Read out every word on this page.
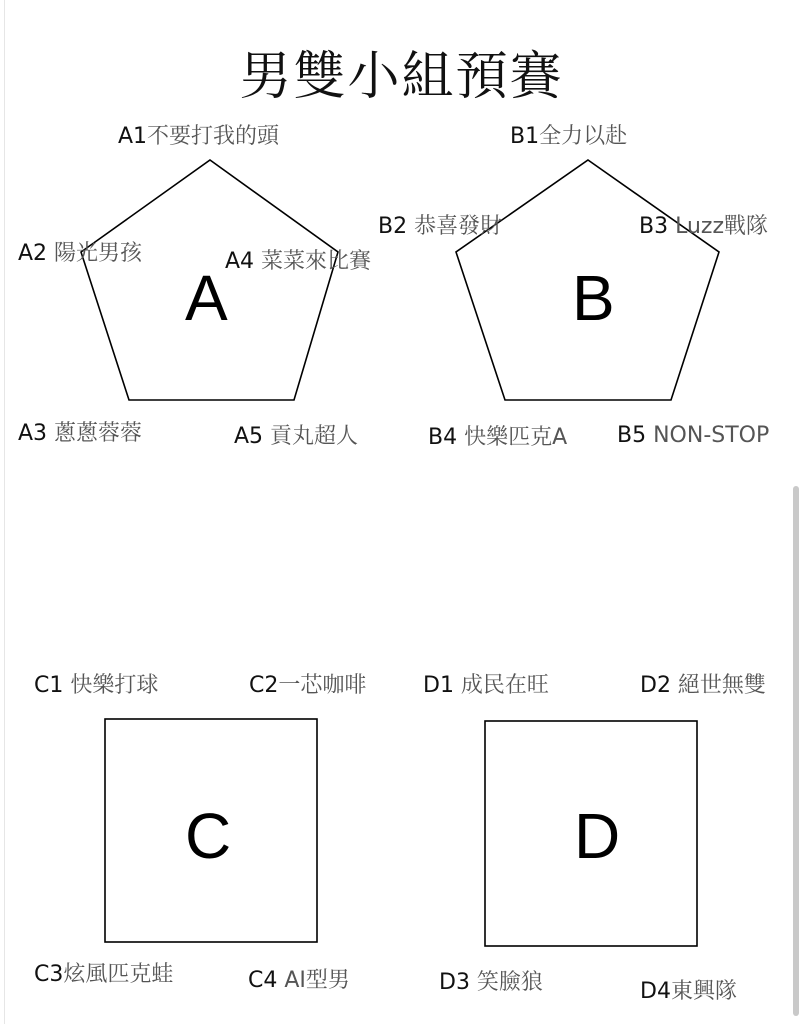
男雙小組預賽
A	B
C	D
A1不要打我的頭
A2 陽光男孩	A4 菜菜來比賽
A3 蔥蔥蓉蓉	A5 貢丸超人
B1全力以赴
B2 恭喜發財	B3 Luzz戰隊
B4 快樂匹克A B5 NON-STOP
C1 快樂打球	C2一芯咖啡
C3炫風匹克蛙	C4 AI型男
D1 成民在旺	D2 絕世無雙
D3 笑臉狼	D4東興隊
